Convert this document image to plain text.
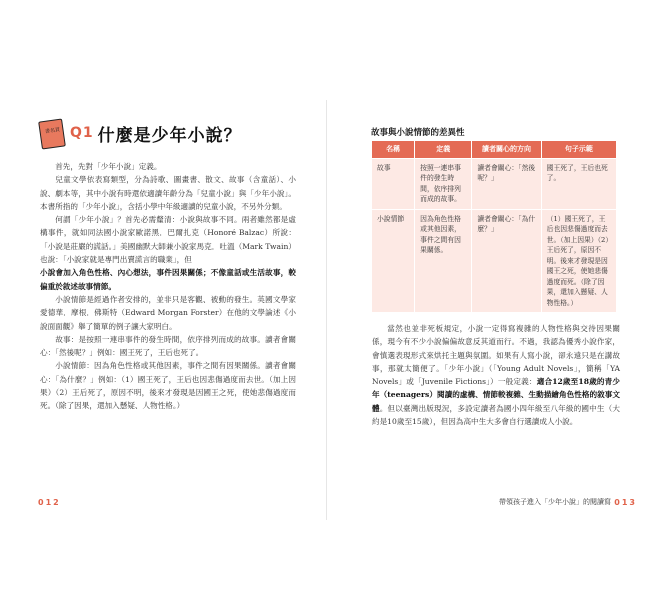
書名頁 Q1 什麼是少年小說？

首先，先對「少年小說」定義。

兒童文學依表寫類型，分為詩歌、圖畫書、散文、故事（含童話）、小說、劇本等，其中小說有時還依適讀年齡分為「兒童小說」與「少年小說」。本書所指的「少年小說」，含括小學中年級適讀的兒童小說，不另外分類。

何謂「少年小說」？首先必需釐清：小說與故事不同。兩者雖然都是虛構事件，就如同法國小說家歐諾黑．巴爾扎克（Honoré Balzac）所說：「小說是莊嚴的謊話。」美國幽默大師兼小說家馬克．吐溫（Mark Twain）也說：「小說家就是專門出賣謊言的職業」，但

小說會加入角色性格、內心想法，事件因果關係；不像童話或生活故事，較偏重於敘述故事情節。

小說情節是經過作者安排的，並非只是客觀、被動的發生。英國文學家愛德華．摩根．佛斯特（Edward Morgan Forster）在他的文學論述《小說面面觀》舉了簡單的例子讓大家明白。

故事：是按照一連串事件的發生時間，依序排列而成的故事。讀者會關心：「然後呢？」例如：國王死了，王后也死了。

小說情節：因為角色性格或其他因素，事件之間有因果關係。讀者會關心：「為什麼？」例如：（1）國王死了，王后也因悲傷過度而去世。（加上因果）（2）王后死了，原因不明，後來才發現是因國王之死，使她悲傷過度而死。（除了因果，還加入懸疑、人物性格。）

012
故事與小說情節的差異性
名稱	定義	讀者關心的方向	句子示範
故事	按照一連串事件的發生時間，依序排列而成的故事。	讀者會關心：「然後呢？」	國王死了，王后也死了。
小說情節	因為角色性格或其他因素，事件之間有因果關係。	讀者會關心：「為什麼？」	（1）國王死了，王后也因悲傷過度而去世。（加上因果）（2）王后死了，原因不明。後來才發現是因國王之死，使她悲傷過度而死。（除了因果，還加入懸疑、人物性格。）

當然也並非死板規定，小說一定得寫複雜的人物性格與交待因果關係，現今有不少小說偏偏故意反其道而行。不過，我認為優秀小說作家，會慎選表現形式來烘托主題與氛圍。如果有人寫小說，卻永遠只是在講故事，那就太簡便了。「少年小說」（「Young Adult Novels」，簡稱「YA Novels」或「Juvenile Fictions」）一般定義：適合12歲至18歲的青少年（teenagers）閱讀的虛構、情節較複雜、生動描繪角色性格的敘事文體。但以臺灣出版現況，多設定讀者為國小四年級至八年級的國中生（大約是10歲至15歲），但因為高中生大多會自行選讀成人小說。

帶領孩子進入「少年小說」的閱讀寫 013
